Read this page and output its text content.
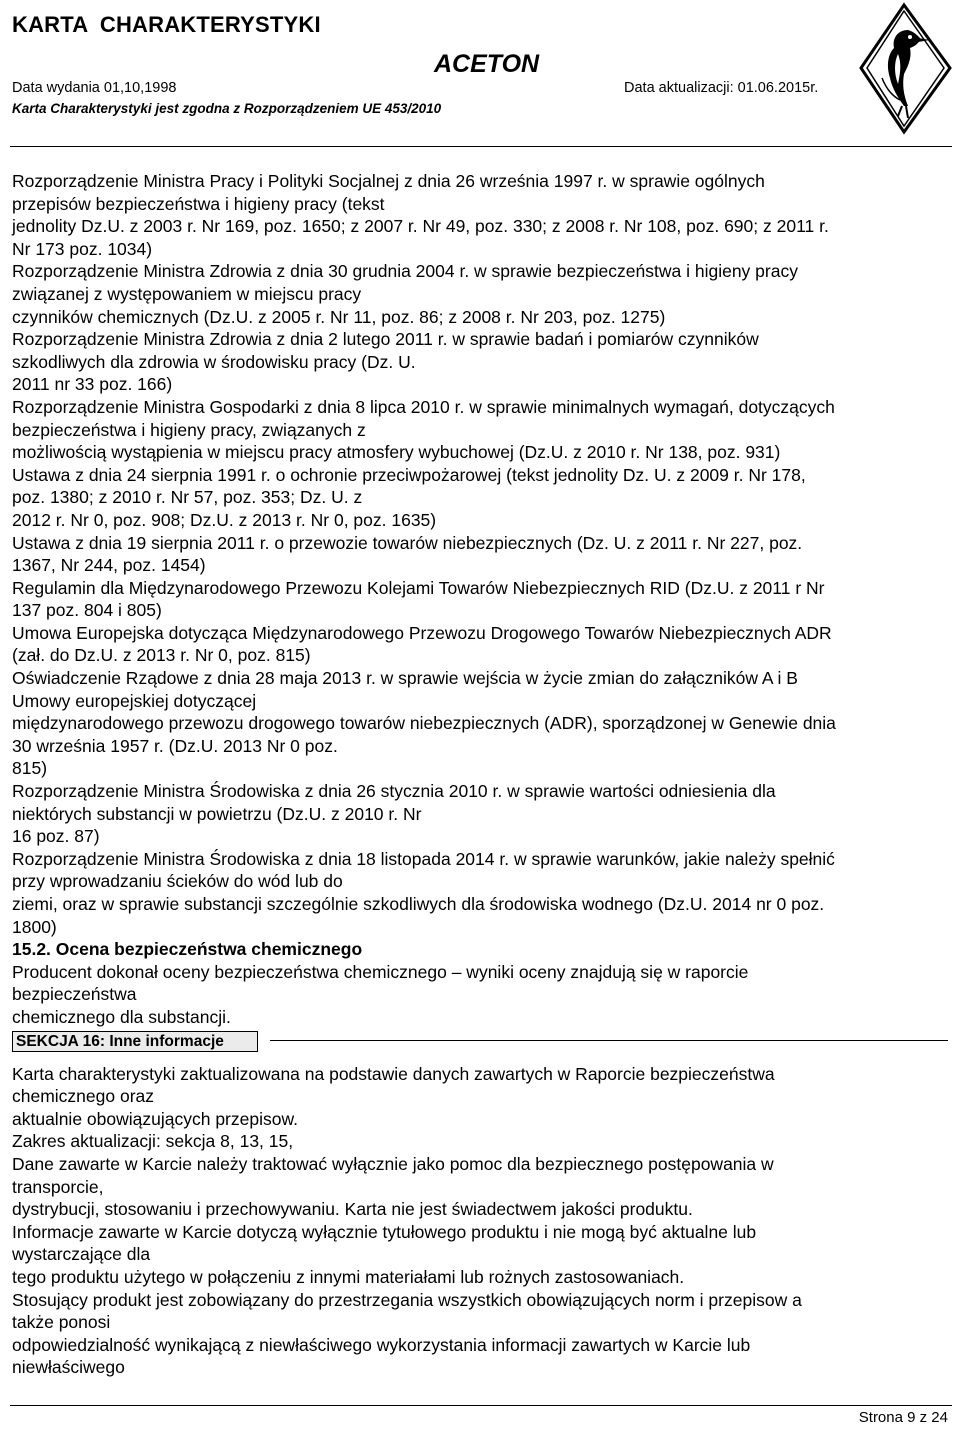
KARTA CHARAKTERYSTYKI
ACETON
Data wydania 01,10,1998	Data aktualizacji: 01.06.2015r.
Karta Charakterystyki jest zgodna z Rozporządzeniem UE 453/2010
Rozporządzenie Ministra Pracy i Polityki Socjalnej z dnia 26 września 1997 r. w sprawie ogólnych
przepisów bezpieczeństwa i higieny pracy (tekst
jednolity Dz.U. z 2003 r. Nr 169, poz. 1650; z 2007 r. Nr 49, poz. 330; z 2008 r. Nr 108, poz. 690; z 2011 r.
Nr 173 poz. 1034)
Rozporządzenie Ministra Zdrowia z dnia 30 grudnia 2004 r. w sprawie bezpieczeństwa i higieny pracy
związanej z występowaniem w miejscu pracy
czynników chemicznych (Dz.U. z 2005 r. Nr 11, poz. 86; z 2008 r. Nr 203, poz. 1275)
Rozporządzenie Ministra Zdrowia z dnia 2 lutego 2011 r. w sprawie badań i pomiarów czynników
szkodliwych dla zdrowia w środowisku pracy (Dz. U.
2011 nr 33 poz. 166)
Rozporządzenie Ministra Gospodarki z dnia 8 lipca 2010 r. w sprawie minimalnych wymagań, dotyczących
bezpieczeństwa i higieny pracy, związanych z
możliwością wystąpienia w miejscu pracy atmosfery wybuchowej (Dz.U. z 2010 r. Nr 138, poz. 931)
Ustawa z dnia 24 sierpnia 1991 r. o ochronie przeciwpożarowej (tekst jednolity Dz. U. z 2009 r. Nr 178,
poz. 1380; z 2010 r. Nr 57, poz. 353; Dz. U. z
2012 r. Nr 0, poz. 908; Dz.U. z 2013 r. Nr 0, poz. 1635)
Ustawa z dnia 19 sierpnia 2011 r. o przewozie towarów niebezpiecznych (Dz. U. z 2011 r. Nr 227, poz.
1367, Nr 244, poz. 1454)
Regulamin dla Międzynarodowego Przewozu Kolejami Towarów Niebezpiecznych RID (Dz.U. z 2011 r Nr
137 poz. 804 i 805)
Umowa Europejska dotycząca Międzynarodowego Przewozu Drogowego Towarów Niebezpiecznych ADR
(zał. do Dz.U. z 2013 r. Nr 0, poz. 815)
Oświadczenie Rządowe z dnia 28 maja 2013 r. w sprawie wejścia w życie zmian do załączników A i B
Umowy europejskiej dotyczącej
międzynarodowego przewozu drogowego towarów niebezpiecznych (ADR), sporządzonej w Genewie dnia
30 września 1957 r. (Dz.U. 2013 Nr 0 poz.
815)
Rozporządzenie Ministra Środowiska z dnia 26 stycznia 2010 r. w sprawie wartości odniesienia dla
niektórych substancji w powietrzu (Dz.U. z 2010 r. Nr
16 poz. 87)
Rozporządzenie Ministra Środowiska z dnia 18 listopada 2014 r. w sprawie warunków, jakie należy spełnić
przy wprowadzaniu ścieków do wód lub do
ziemi, oraz w sprawie substancji szczególnie szkodliwych dla środowiska wodnego (Dz.U. 2014 nr 0 poz.
1800)
15.2. Ocena bezpieczeństwa chemicznego
Producent dokonał oceny bezpieczeństwa chemicznego – wyniki oceny znajdują się w raporcie
bezpieczeństwa
chemicznego dla substancji.
SEKCJA 16: Inne informacje
Karta charakterystyki zaktualizowana na podstawie danych zawartych w Raporcie bezpieczeństwa
chemicznego oraz
aktualnie obowiązujących przepisow.
Zakres aktualizacji: sekcja 8, 13, 15,
Dane zawarte w Karcie należy traktować wyłącznie jako pomoc dla bezpiecznego postępowania w
transporcie,
dystrybucji, stosowaniu i przechowywaniu. Karta nie jest świadectwem jakości produktu.
Informacje zawarte w Karcie dotyczą wyłącznie tytułowego produktu i nie mogą być aktualne lub
wystarczające dla
tego produktu użytego w połączeniu z innymi materiałami lub rożnych zastosowaniach.
Stosujący produkt jest zobowiązany do przestrzegania wszystkich obowiązujących norm i przepisow a
także ponosi
odpowiedzialność wynikającą z niewłaściwego wykorzystania informacji zawartych w Karcie lub
niewłaściwego
Strona 9 z 24
